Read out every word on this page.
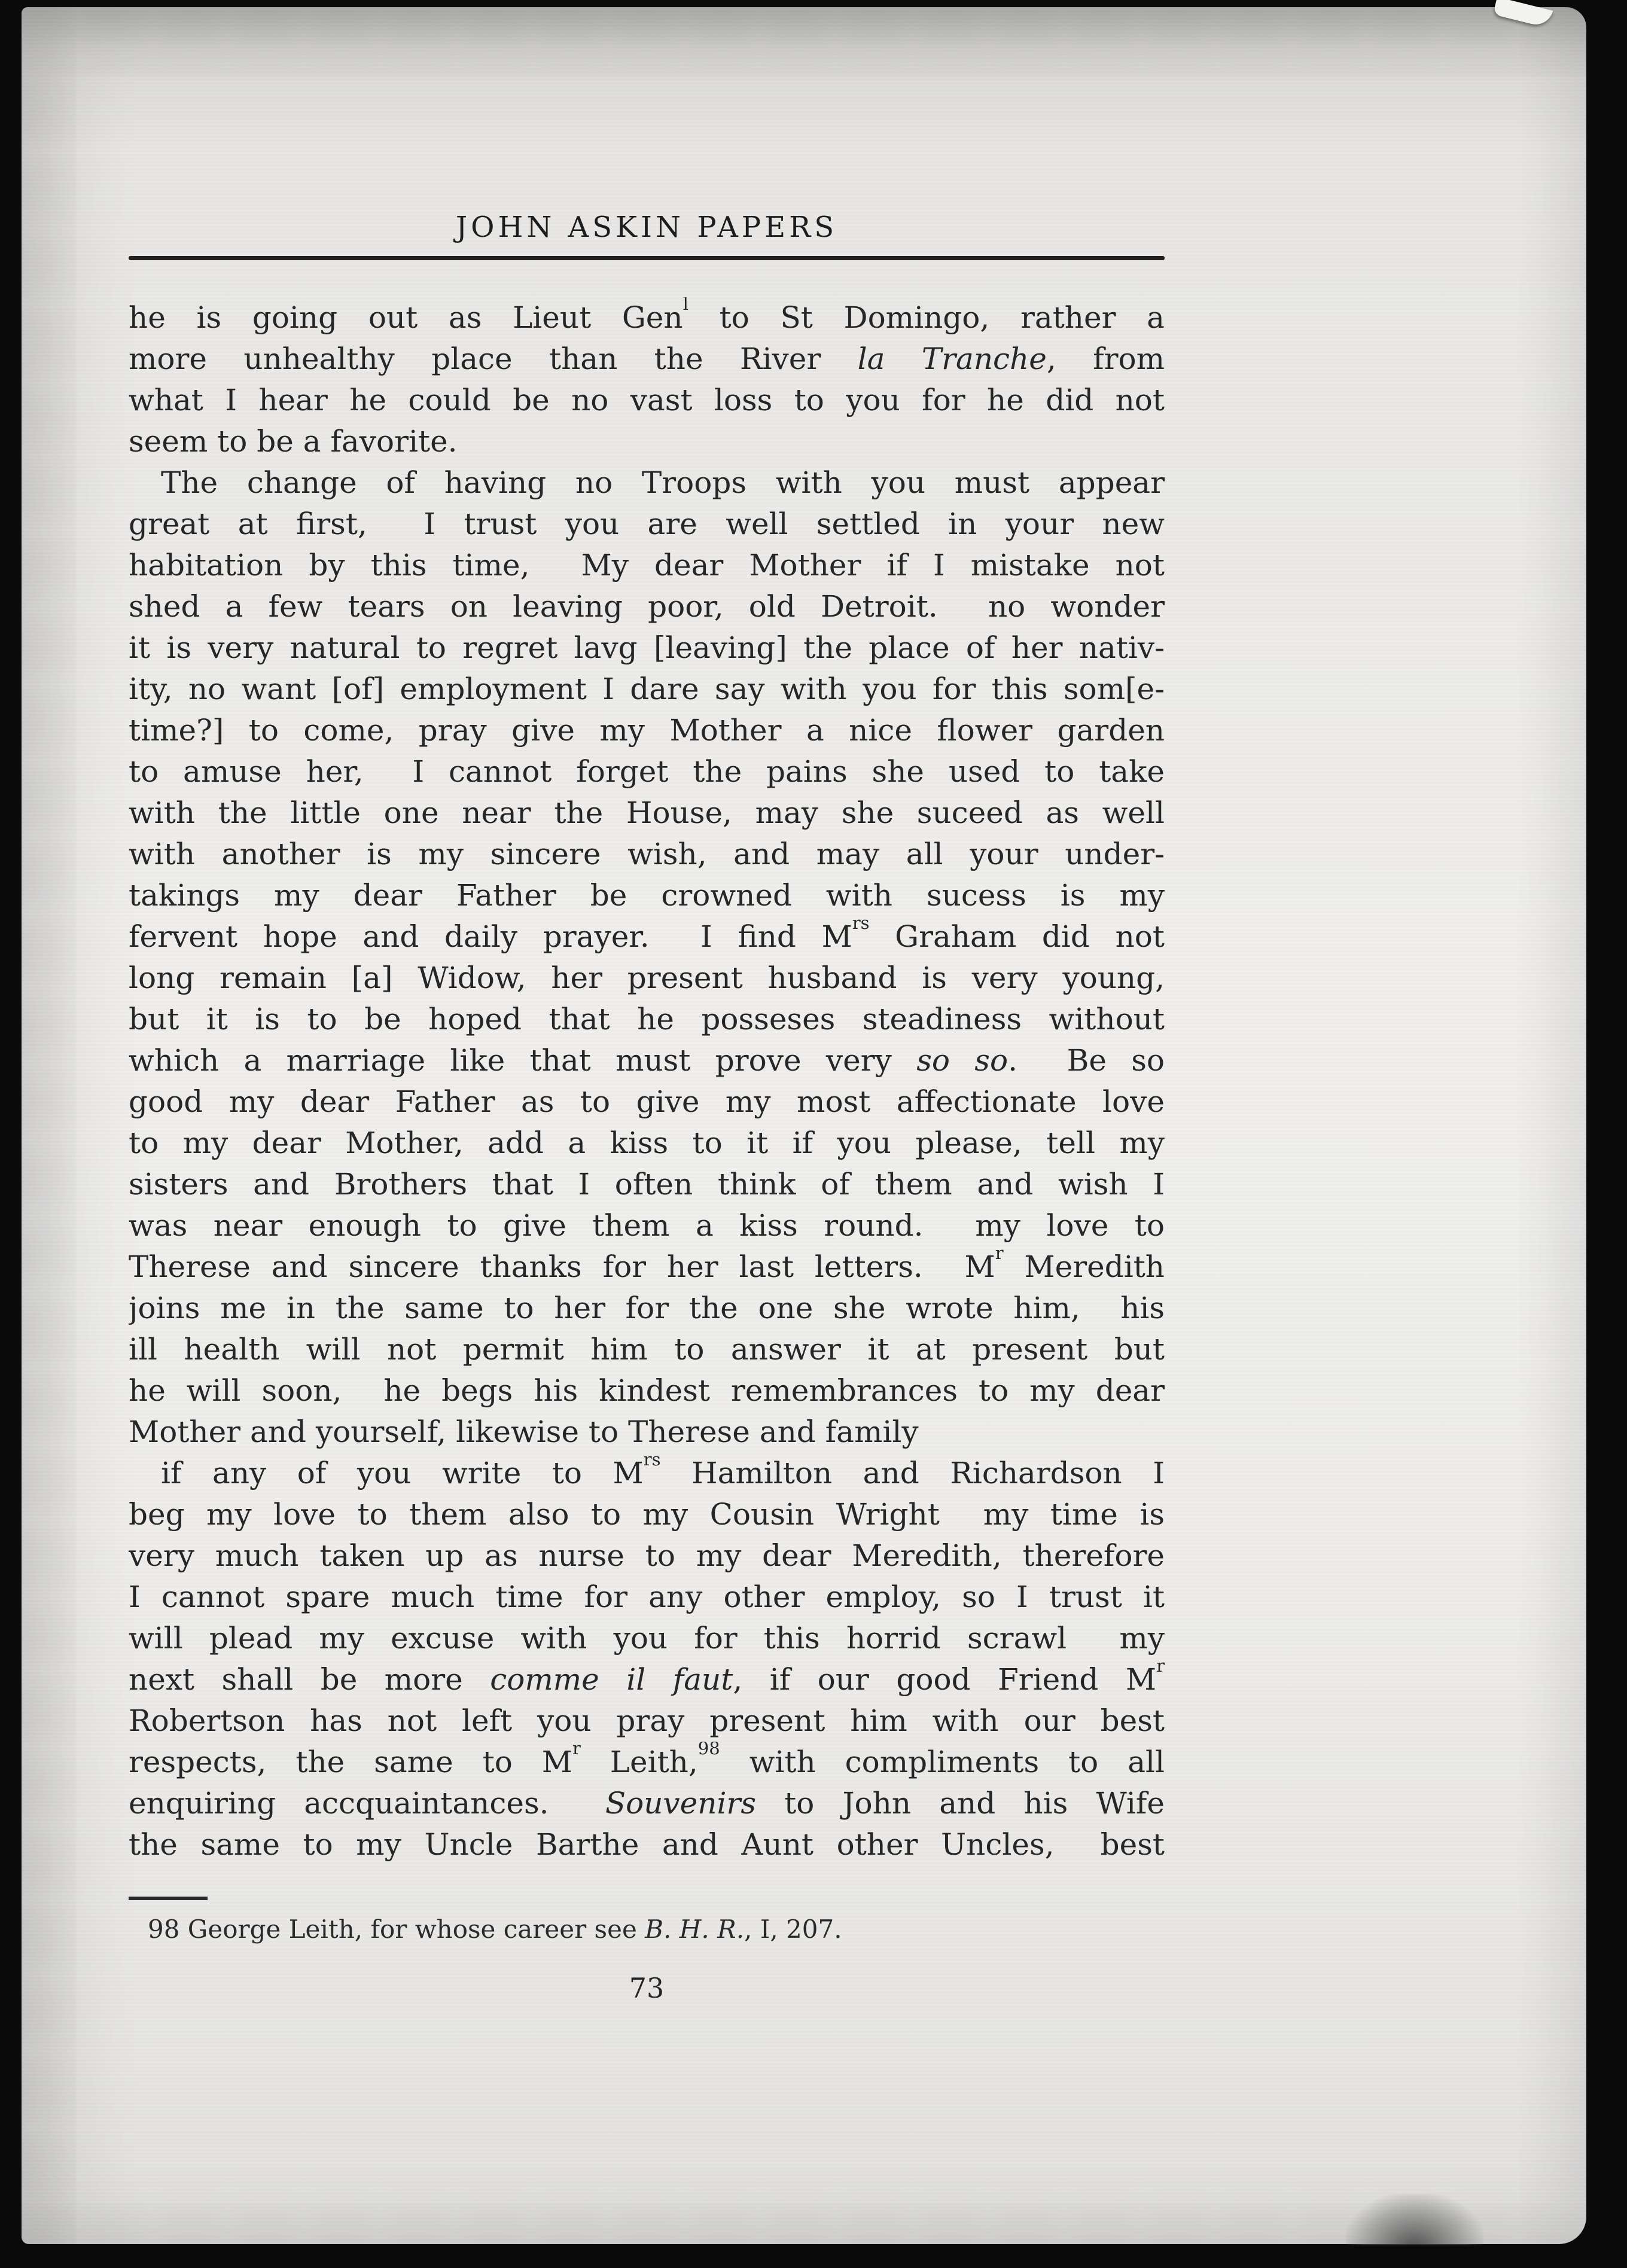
JOHN ASKIN PAPERS
he is going out as Lieut Gen$^l$ to St Domingo, rather a
more unhealthy place than the River la Tranche, from
what I hear he could be no vast loss to you for he did not
seem to be a favorite.
The change of having no Troops with you must appear
great at first,  I trust you are well settled in your new
habitation by this time,  My dear Mother if I mistake not
shed a few tears on leaving poor, old Detroit.  no wonder
it is very natural to regret lavg [leaving] the place of her nativ-
ity, no want [of] employment I dare say with you for this som[e-
time?] to come, pray give my Mother a nice flower garden
to amuse her,  I cannot forget the pains she used to take
with the little one near the House, may she suceed as well
with another is my sincere wish, and may all your under-
takings my dear Father be crowned with sucess is my
fervent hope and daily prayer.  I find $M^{rs}$ Graham did not
long remain [a] Widow, her present husband is very young,
but it is to be hoped that he posseses steadiness without
which a marriage like that must prove very so so.  Be so
good my dear Father as to give my most affectionate love
to my dear Mother, add a kiss to it if you please, tell my
sisters and Brothers that I often think of them and wish I
was near enough to give them a kiss round.  my love to
Therese and sincere thanks for her last letters.  $M^r$ Meredith
joins me in the same to her for the one she wrote him,  his
ill health will not permit him to answer it at present but
he will soon,  he begs his kindest remembrances to my dear
Mother and yourself, likewise to Therese and family
if any of you write to $M^{rs}$ Hamilton and Richardson I
beg my love to them also to my Cousin Wright  my time is
very much taken up as nurse to my dear Meredith, therefore
I cannot spare much time for any other employ, so I trust it
will plead my excuse with you for this horrid scrawl  my
next shall be more comme il faut, if our good Friend $M^r$
Robertson has not left you pray present him with our best
respects, the same to $M^r$ Leith,$^{98}$ with compliments to all
enquiring accquaintances.  Souvenirs to John and his Wife
the same to my Uncle Barthe and Aunt other Uncles,  best
98 George Leith, for whose career see B. H. R., I, 207.
73
